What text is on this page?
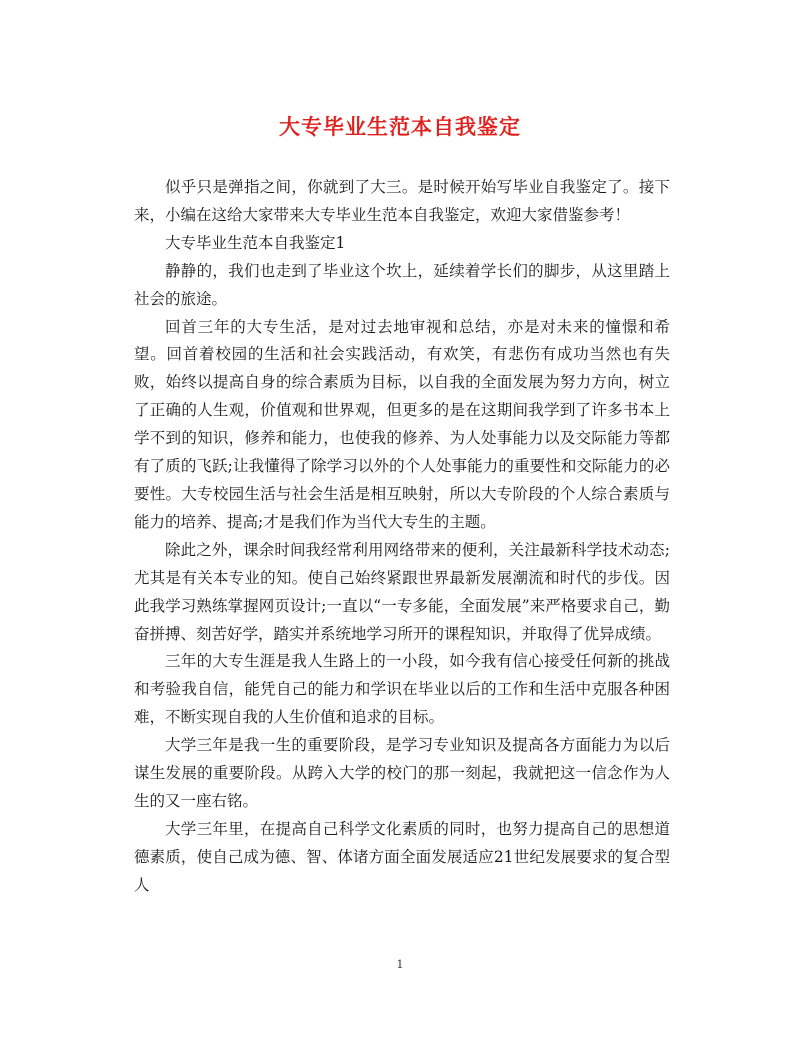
大专毕业生范本自我鉴定

似乎只是弹指之间，你就到了大三。是时候开始写毕业自我鉴定了。接下来，小编在这给大家带来大专毕业生范本自我鉴定，欢迎大家借鉴参考！

大专毕业生范本自我鉴定1

静静的，我们也走到了毕业这个坎上，延续着学长们的脚步，从这里踏上社会的旅途。

回首三年的大专生活，是对过去地审视和总结，亦是对未来的憧憬和希望。回首着校园的生活和社会实践活动，有欢笑，有悲伤有成功当然也有失败，始终以提高自身的综合素质为目标，以自我的全面发展为努力方向，树立了正确的人生观，价值观和世界观，但更多的是在这期间我学到了许多书本上学不到的知识，修养和能力，也使我的修养、为人处事能力以及交际能力等都有了质的飞跃;让我懂得了除学习以外的个人处事能力的重要性和交际能力的必要性。大专校园生活与社会生活是相互映射，所以大专阶段的个人综合素质与能力的培养、提高;才是我们作为当代大专生的主题。

除此之外，课余时间我经常利用网络带来的便利，关注最新科学技术动态;尤其是有关本专业的知。使自己始终紧跟世界最新发展潮流和时代的步伐。因此我学习熟练掌握网页设计;一直以“一专多能，全面发展”来严格要求自己，勤奋拼搏、刻苦好学，踏实并系统地学习所开的课程知识，并取得了优异成绩。

三年的大专生涯是我人生路上的一小段，如今我有信心接受任何新的挑战和考验我自信，能凭自己的能力和学识在毕业以后的工作和生活中克服各种困难，不断实现自我的人生价值和追求的目标。

大学三年是我一生的重要阶段，是学习专业知识及提高各方面能力为以后谋生发展的重要阶段。从跨入大学的校门的那一刻起，我就把这一信念作为人生的又一座右铭。

大学三年里，在提高自己科学文化素质的同时，也努力提高自己的思想道德素质，使自己成为德、智、体诸方面全面发展适应21世纪发展要求的复合型人

1
